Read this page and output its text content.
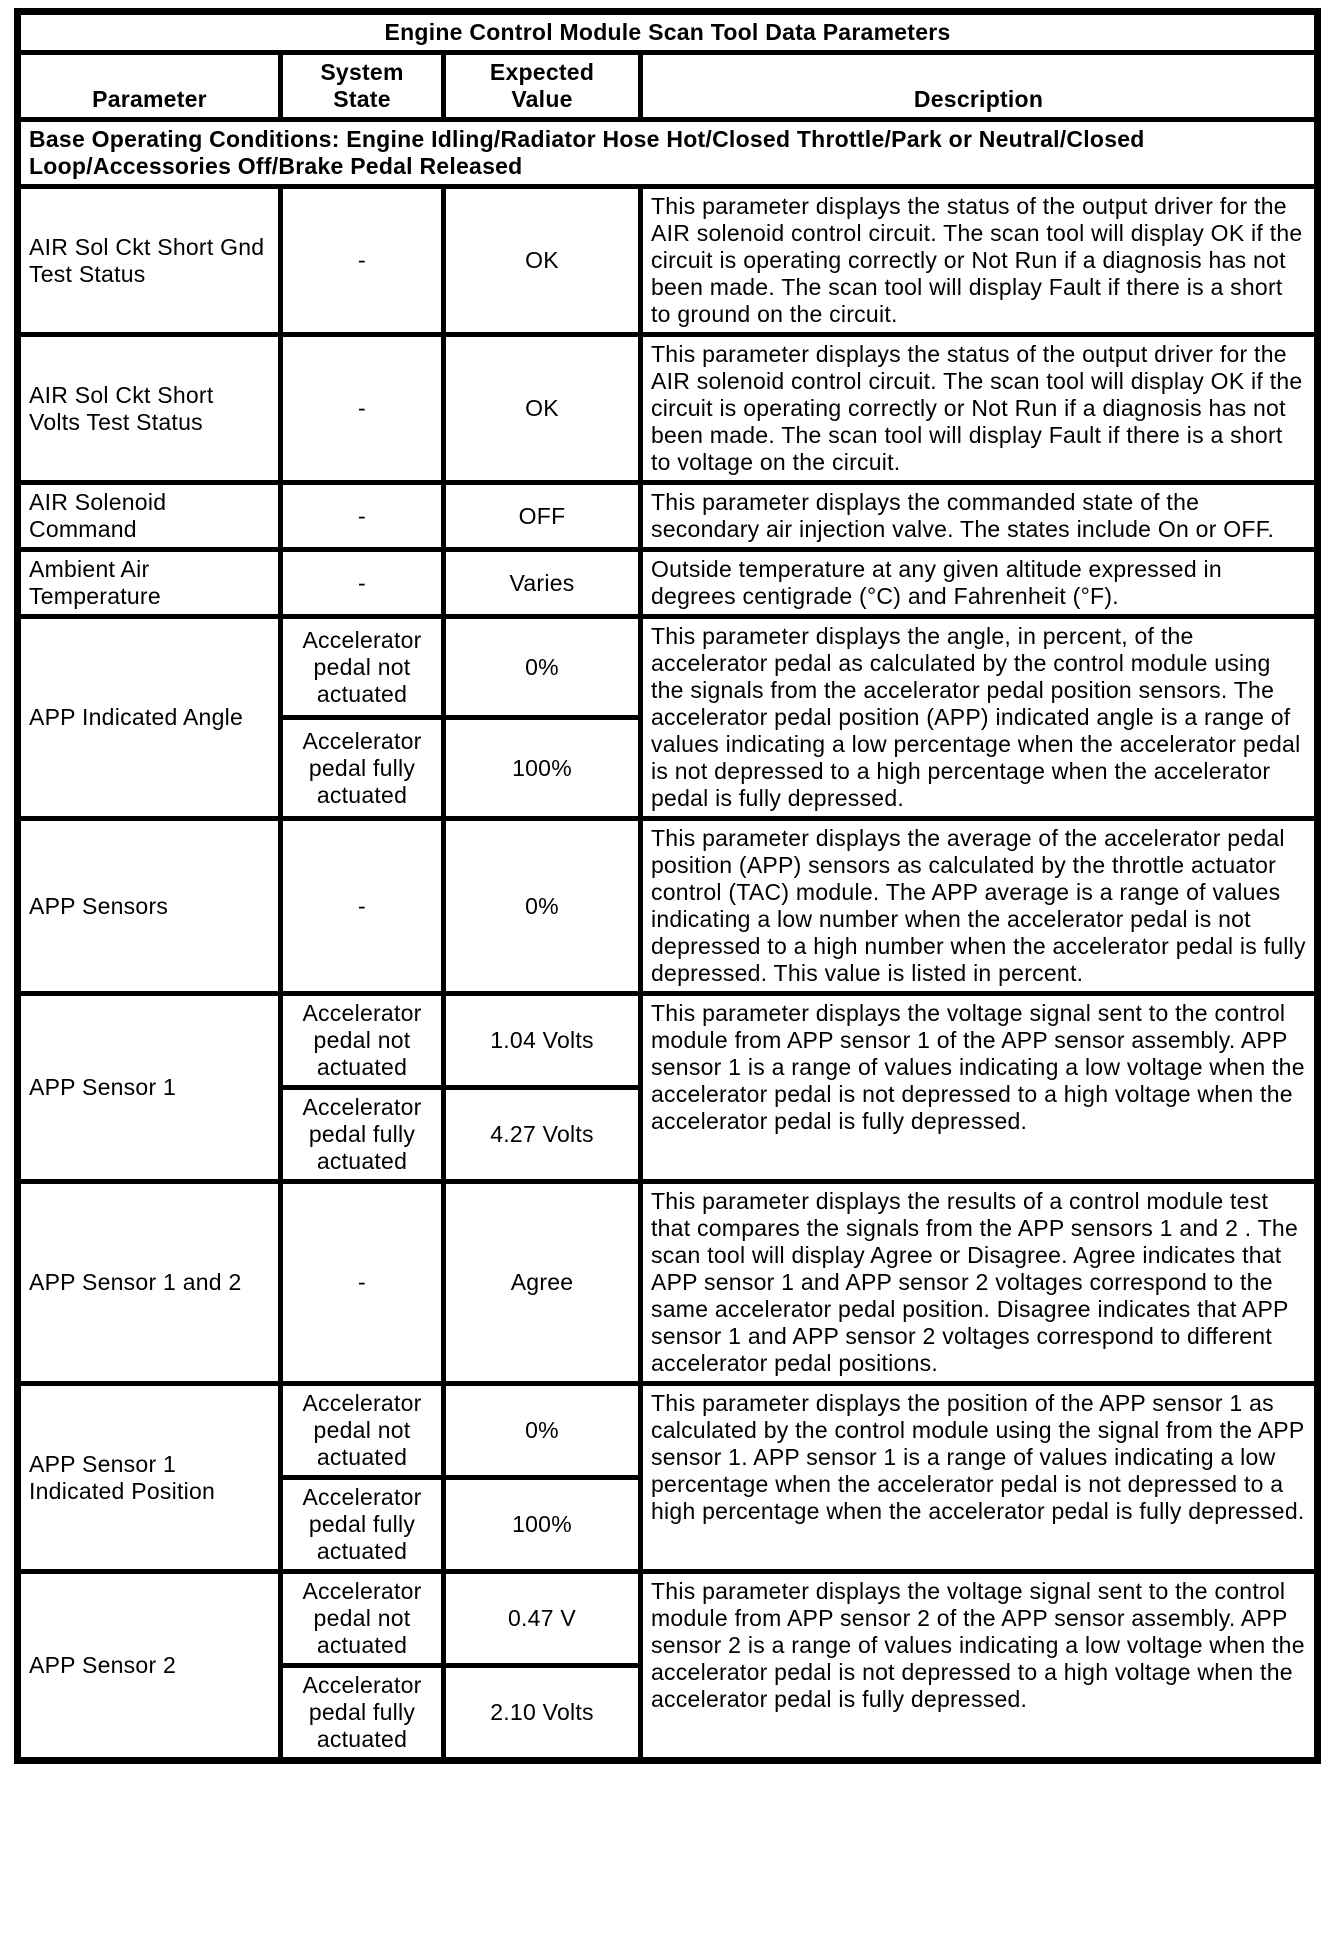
Engine Control Module Scan Tool Data Parameters			
Parameter	System State	Expected Value	Description
Base Operating Conditions: Engine Idling/Radiator Hose Hot/Closed Throttle/Park or Neutral/Closed Loop/Accessories Off/Brake Pedal Released			
AIR Sol Ckt Short Gnd Test Status	-	OK	This parameter displays the status of the output driver for the AIR solenoid control circuit. The scan tool will display OK if the circuit is operating correctly or Not Run if a diagnosis has not been made. The scan tool will display Fault if there is a short to ground on the circuit.
AIR Sol Ckt Short Volts Test Status	-	OK	This parameter displays the status of the output driver for the AIR solenoid control circuit. The scan tool will display OK if the circuit is operating correctly or Not Run if a diagnosis has not been made. The scan tool will display Fault if there is a short to voltage on the circuit.
AIR Solenoid Command	-	OFF	This parameter displays the commanded state of the secondary air injection valve. The states include On or OFF.
Ambient Air Temperature	-	Varies	Outside temperature at any given altitude expressed in degrees centigrade (°C) and Fahrenheit (°F).
APP Indicated Angle	Accelerator pedal not actuated	0%	This parameter displays the angle, in percent, of the accelerator pedal as calculated by the control module using the signals from the accelerator pedal position sensors. The accelerator pedal position (APP) indicated angle is a range of values indicating a low percentage when the accelerator pedal is not depressed to a high percentage when the accelerator pedal is fully depressed.
	Accelerator pedal fully actuated	100%	
APP Sensors	-	0%	This parameter displays the average of the accelerator pedal position (APP) sensors as calculated by the throttle actuator control (TAC) module. The APP average is a range of values indicating a low number when the accelerator pedal is not depressed to a high number when the accelerator pedal is fully depressed. This value is listed in percent.
APP Sensor 1	Accelerator pedal not actuated	1.04 Volts	This parameter displays the voltage signal sent to the control module from APP sensor 1 of the APP sensor assembly. APP sensor 1 is a range of values indicating a low voltage when the accelerator pedal is not depressed to a high voltage when the accelerator pedal is fully depressed.
	Accelerator pedal fully actuated	4.27 Volts	
APP Sensor 1 and 2	-	Agree	This parameter displays the results of a control module test that compares the signals from the APP sensors 1 and 2 . The scan tool will display Agree or Disagree. Agree indicates that APP sensor 1 and APP sensor 2 voltages correspond to the same accelerator pedal position. Disagree indicates that APP sensor 1 and APP sensor 2 voltages correspond to different accelerator pedal positions.
APP Sensor 1 Indicated Position	Accelerator pedal not actuated	0%	This parameter displays the position of the APP sensor 1 as calculated by the control module using the signal from the APP sensor 1. APP sensor 1 is a range of values indicating a low percentage when the accelerator pedal is not depressed to a high percentage when the accelerator pedal is fully depressed.
	Accelerator pedal fully actuated	100%	
APP Sensor 2	Accelerator pedal not actuated	0.47 V	This parameter displays the voltage signal sent to the control module from APP sensor 2 of the APP sensor assembly. APP sensor 2 is a range of values indicating a low voltage when the accelerator pedal is not depressed to a high voltage when the accelerator pedal is fully depressed.
	Accelerator pedal fully actuated	2.10 Volts	
